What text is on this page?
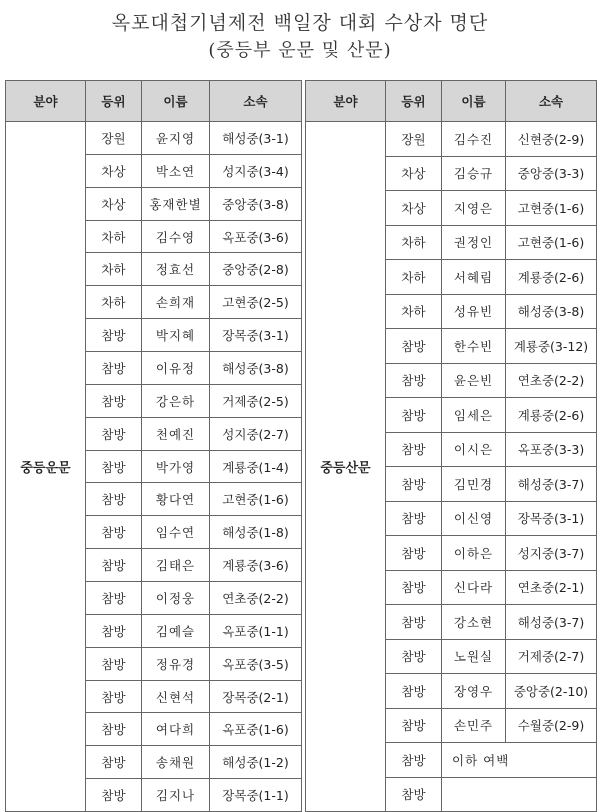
옥포대첩기념제전 백일장 대회 수상자 명단
(중등부 운문 및 산문)
분야	등위	이름	소속
중등운문	장원	윤지영	해성중(3-1)
	차상	박소연	성지중(3-4)
	차상	홍재한별	중앙중(3-8)
	차하	김수영	옥포중(3-6)
	차하	정효선	중앙중(2-8)
	차하	손희재	고현중(2-5)
	참방	박지혜	장목중(3-1)
	참방	이유정	해성중(3-8)
	참방	강은하	거제중(2-5)
	참방	천예진	성지중(2-7)
	참방	박가영	계룡중(1-4)
	참방	황다연	고현중(1-6)
	참방	임수연	해성중(1-8)
	참방	김태은	계룡중(3-6)
	참방	이정웅	연초중(2-2)
	참방	김예슬	옥포중(1-1)
	참방	정유경	옥포중(3-5)
	참방	신현석	장목중(2-1)
	참방	여다희	옥포중(1-6)
	참방	송채원	해성중(1-2)
	참방	김지나	장목중(1-1)
분야	등위	이름	소속
중등산문	장원	김수진	신현중(2-9)
	차상	김승규	중앙중(3-3)
	차상	지영은	고현중(1-6)
	차하	권정인	고현중(1-6)
	차하	서혜림	계룡중(2-6)
	차하	성유빈	해성중(3-8)
	참방	한수빈	계룡중(3-12)
	참방	윤은빈	연초중(2-2)
	참방	임세은	계룡중(2-6)
	참방	이시은	옥포중(3-3)
	참방	김민경	해성중(3-7)
	참방	이신영	장목중(3-1)
	참방	이하은	성지중(3-7)
	참방	신다라	연초중(2-1)
	참방	강소현	해성중(3-7)
	참방	노원실	거제중(2-7)
	참방	장영우	중앙중(2-10)
	참방	손민주	수월중(2-9)
	참방	이하 여백	
	참방		
